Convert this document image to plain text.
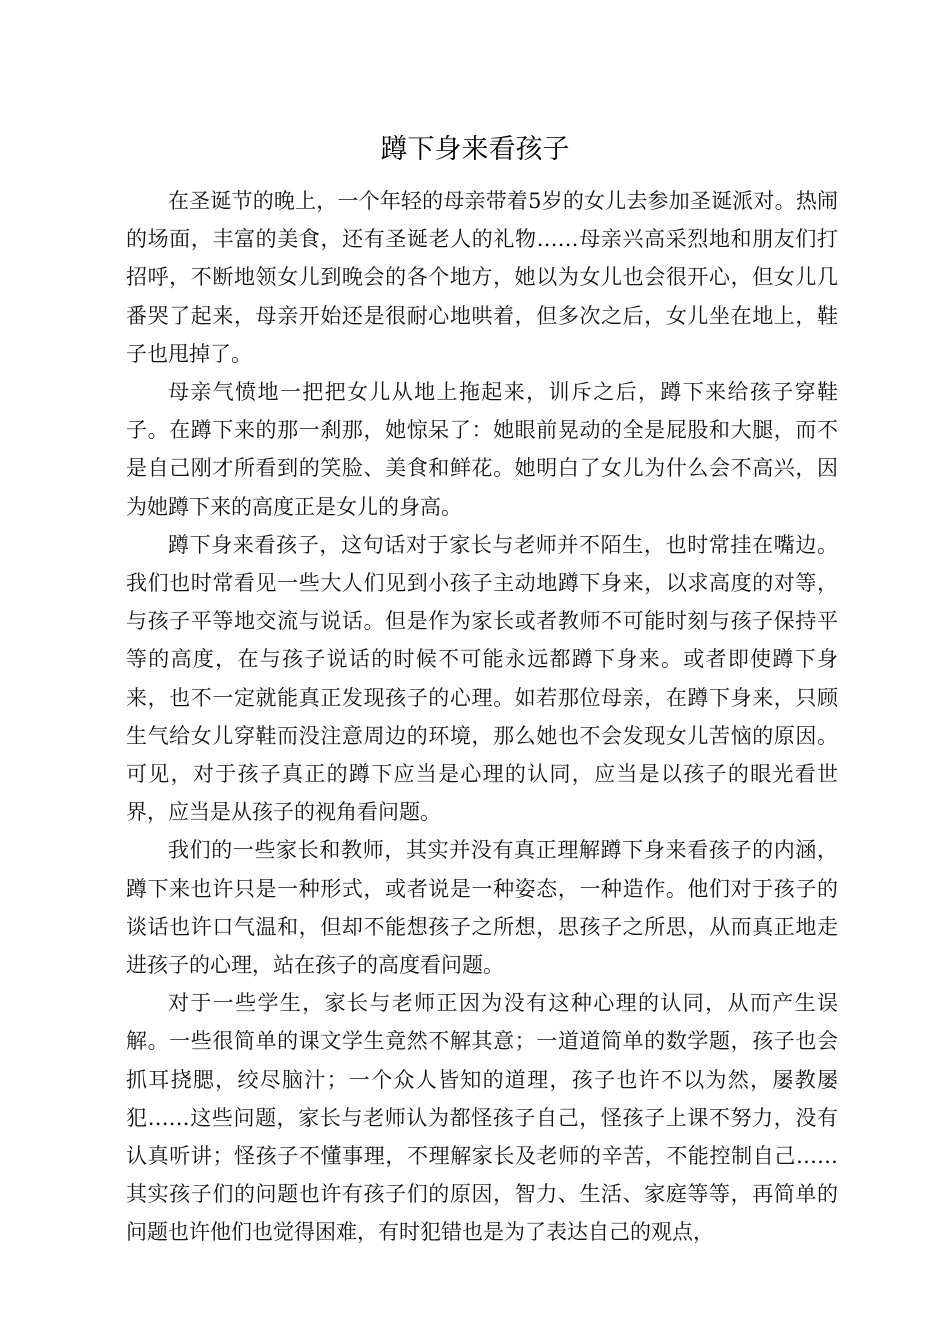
蹲下身来看孩子

在圣诞节的晚上，一个年轻的母亲带着5岁的女儿去参加圣诞派对。热闹的场面，丰富的美食，还有圣诞老人的礼物……母亲兴高采烈地和朋友们打招呼，不断地领女儿到晚会的各个地方，她以为女儿也会很开心，但女儿几番哭了起来，母亲开始还是很耐心地哄着，但多次之后，女儿坐在地上，鞋子也甩掉了。

母亲气愤地一把把女儿从地上拖起来，训斥之后，蹲下来给孩子穿鞋子。在蹲下来的那一刹那，她惊呆了：她眼前晃动的全是屁股和大腿，而不是自己刚才所看到的笑脸、美食和鲜花。她明白了女儿为什么会不高兴，因为她蹲下来的高度正是女儿的身高。

蹲下身来看孩子，这句话对于家长与老师并不陌生，也时常挂在嘴边。我们也时常看见一些大人们见到小孩子主动地蹲下身来，以求高度的对等，与孩子平等地交流与说话。但是作为家长或者教师不可能时刻与孩子保持平等的高度，在与孩子说话的时候不可能永远都蹲下身来。或者即使蹲下身来，也不一定就能真正发现孩子的心理。如若那位母亲，在蹲下身来，只顾生气给女儿穿鞋而没注意周边的环境，那么她也不会发现女儿苦恼的原因。可见，对于孩子真正的蹲下应当是心理的认同，应当是以孩子的眼光看世界，应当是从孩子的视角看问题。

我们的一些家长和教师，其实并没有真正理解蹲下身来看孩子的内涵，蹲下来也许只是一种形式，或者说是一种姿态，一种造作。他们对于孩子的谈话也许口气温和，但却不能想孩子之所想，思孩子之所思，从而真正地走进孩子的心理，站在孩子的高度看问题。

对于一些学生，家长与老师正因为没有这种心理的认同，从而产生误解。一些很简单的课文学生竟然不解其意；一道道简单的数学题，孩子也会抓耳挠腮，绞尽脑汁；一个众人皆知的道理，孩子也许不以为然，屡教屡犯……这些问题，家长与老师认为都怪孩子自己，怪孩子上课不努力，没有认真听讲；怪孩子不懂事理，不理解家长及老师的辛苦，不能控制自己……其实孩子们的问题也许有孩子们的原因，智力、生活、家庭等等，再简单的问题也许他们也觉得困难，有时犯错也是为了表达自己的观点，
